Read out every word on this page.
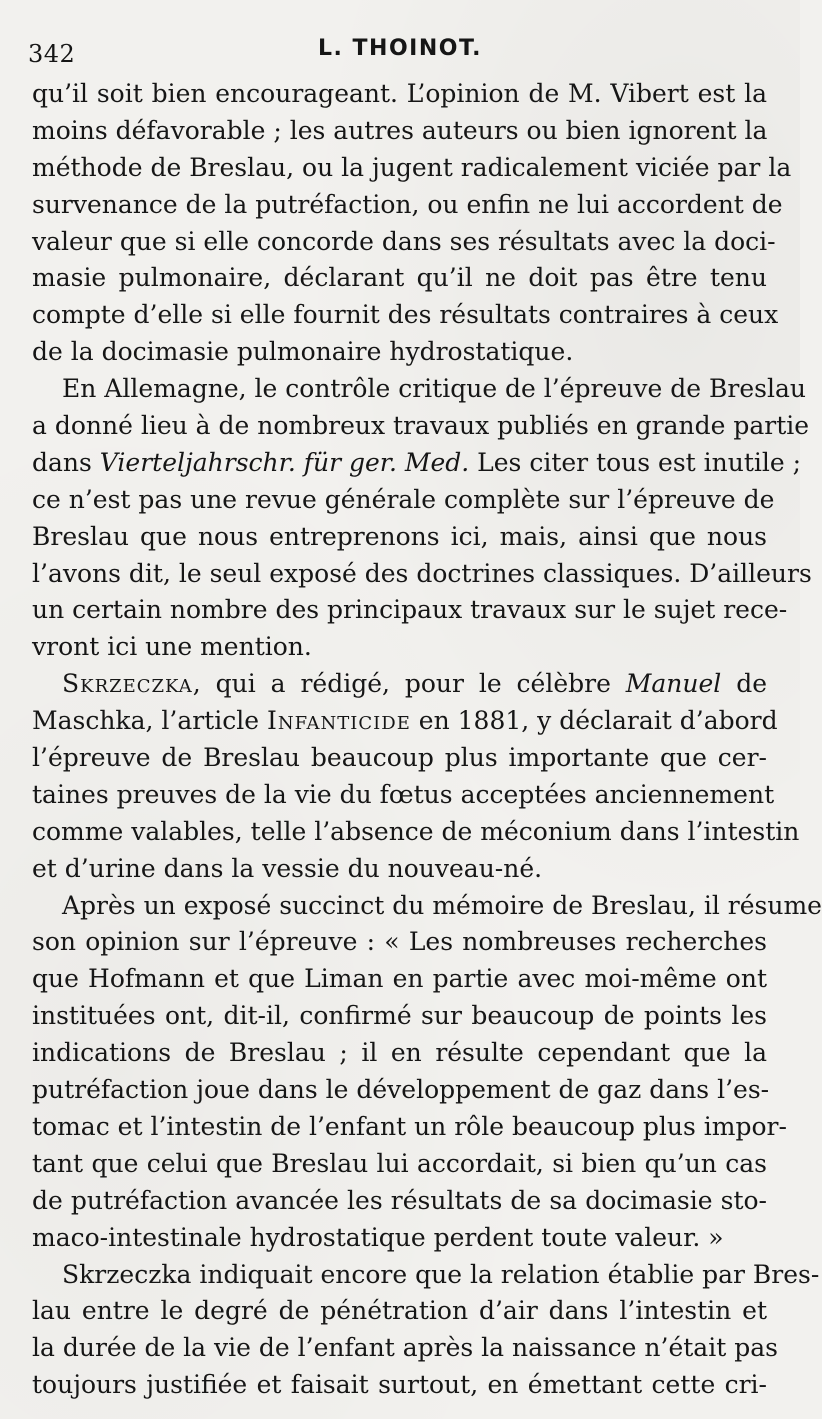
342	L. THOINOT.
qu’il soit bien encourageant. L’opinion de M. Vibert est la
moins défavorable ; les autres auteurs ou bien ignorent la
méthode de Breslau, ou la jugent radicalement viciée par la
survenance de la putréfaction, ou enfin ne lui accordent de
valeur que si elle concorde dans ses résultats avec la doci-
masie pulmonaire, déclarant qu’il ne doit pas être tenu
compte d’elle si elle fournit des résultats contraires à ceux
de la docimasie pulmonaire hydrostatique.
En Allemagne, le contrôle critique de l’épreuve de Breslau
a donné lieu à de nombreux travaux publiés en grande partie
dans Vierteljahrschr. für ger. Med. Les citer tous est inutile ;
ce n’est pas une revue générale complète sur l’épreuve de
Breslau que nous entreprenons ici, mais, ainsi que nous
l’avons dit, le seul exposé des doctrines classiques. D’ailleurs
un certain nombre des principaux travaux sur le sujet rece-
vront ici une mention.
Skrzeczka, qui a rédigé, pour le célèbre Manuel de
Maschka, l’article Infanticide en 1881, y déclarait d’abord
l’épreuve de Breslau beaucoup plus importante que cer-
taines preuves de la vie du fœtus acceptées anciennement
comme valables, telle l’absence de méconium dans l’intestin
et d’urine dans la vessie du nouveau-né.
Après un exposé succinct du mémoire de Breslau, il résume
son opinion sur l’épreuve : « Les nombreuses recherches
que Hofmann et que Liman en partie avec moi-même ont
instituées ont, dit-il, confirmé sur beaucoup de points les
indications de Breslau ; il en résulte cependant que la
putréfaction joue dans le développement de gaz dans l’es-
tomac et l’intestin de l’enfant un rôle beaucoup plus impor-
tant que celui que Breslau lui accordait, si bien qu’un cas
de putréfaction avancée les résultats de sa docimasie sto-
maco-intestinale hydrostatique perdent toute valeur. »
Skrzeczka indiquait encore que la relation établie par Bres-
lau entre le degré de pénétration d’air dans l’intestin et
la durée de la vie de l’enfant après la naissance n’était pas
toujours justifiée et faisait surtout, en émettant cette cri-
